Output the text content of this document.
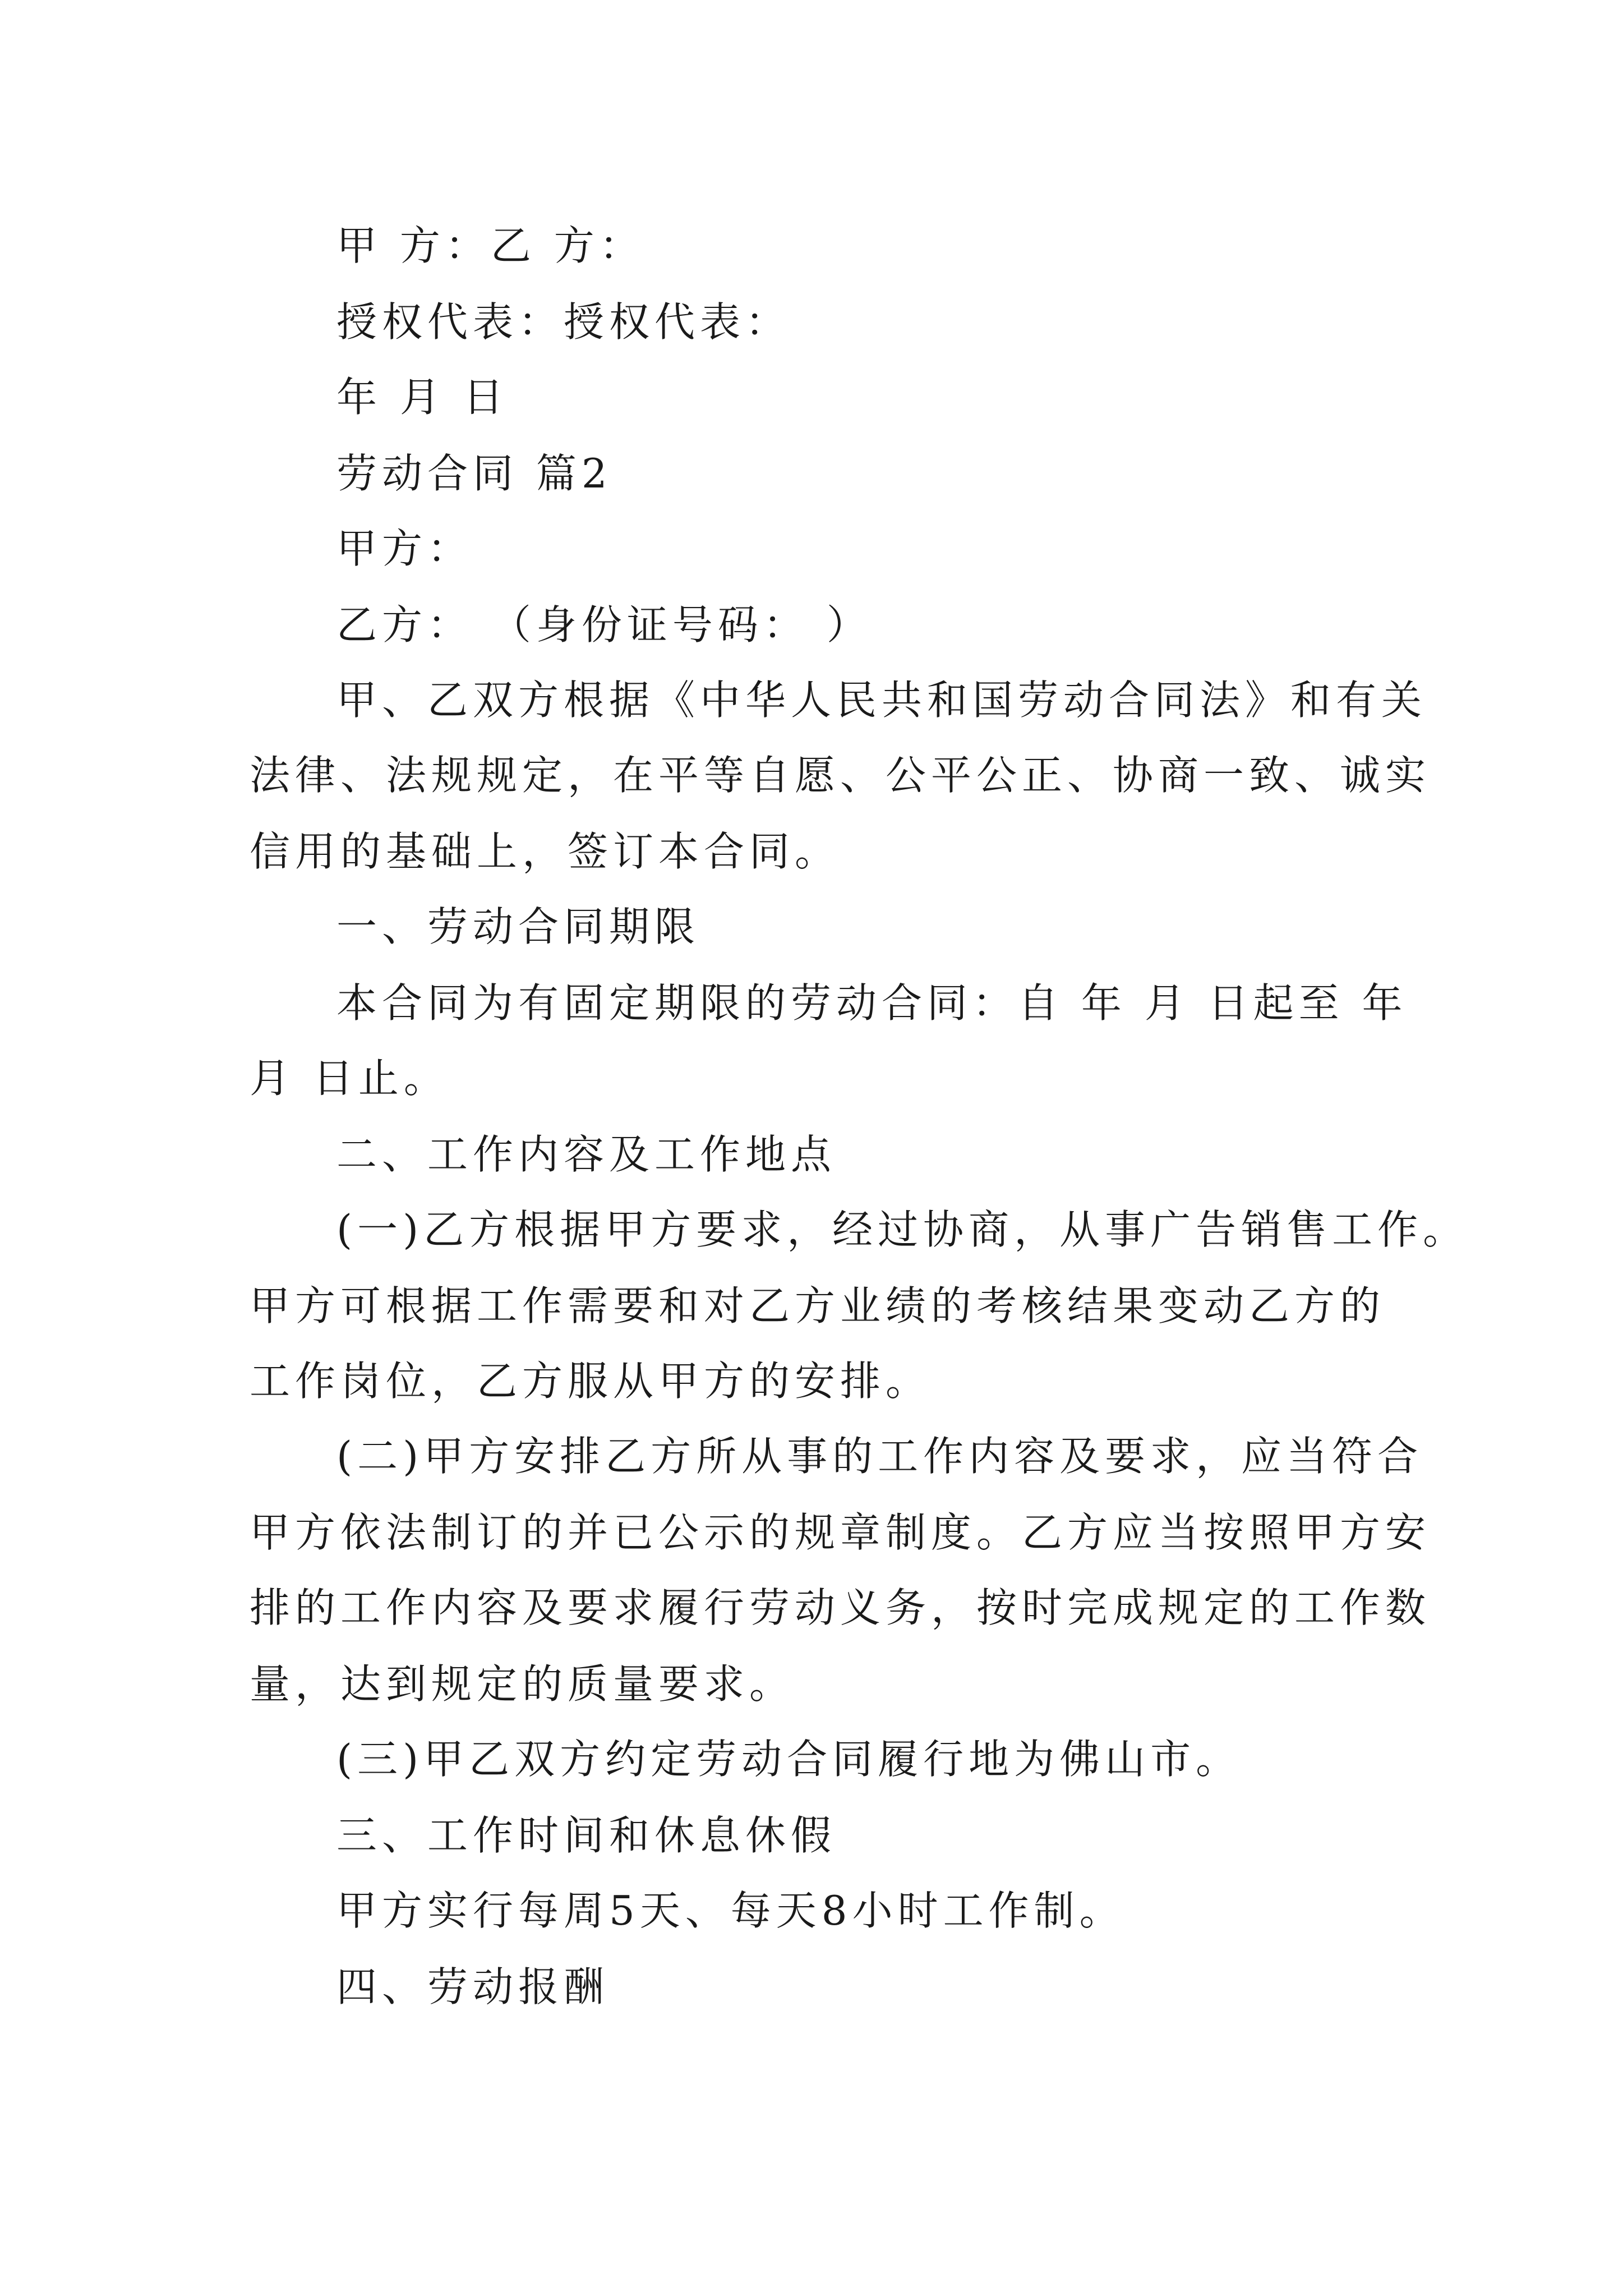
甲 方：乙 方：
授权代表：授权代表：
年 月 日
劳动合同 篇2
甲方：
乙方： （身份证号码： ）
甲、乙双方根据《中华人民共和国劳动合同法》和有关
法律、法规规定，在平等自愿、公平公正、协商一致、诚实
信用的基础上，签订本合同。
一、劳动合同期限
本合同为有固定期限的劳动合同：自 年 月 日起至 年
月 日止。
二、工作内容及工作地点
(一)乙方根据甲方要求，经过协商，从事广告销售工作。
甲方可根据工作需要和对乙方业绩的考核结果变动乙方的
工作岗位，乙方服从甲方的安排。
(二)甲方安排乙方所从事的工作内容及要求，应当符合
甲方依法制订的并已公示的规章制度。乙方应当按照甲方安
排的工作内容及要求履行劳动义务，按时完成规定的工作数
量，达到规定的质量要求。
(三)甲乙双方约定劳动合同履行地为佛山市。
三、工作时间和休息休假
甲方实行每周5天、每天8小时工作制。
四、劳动报酬
